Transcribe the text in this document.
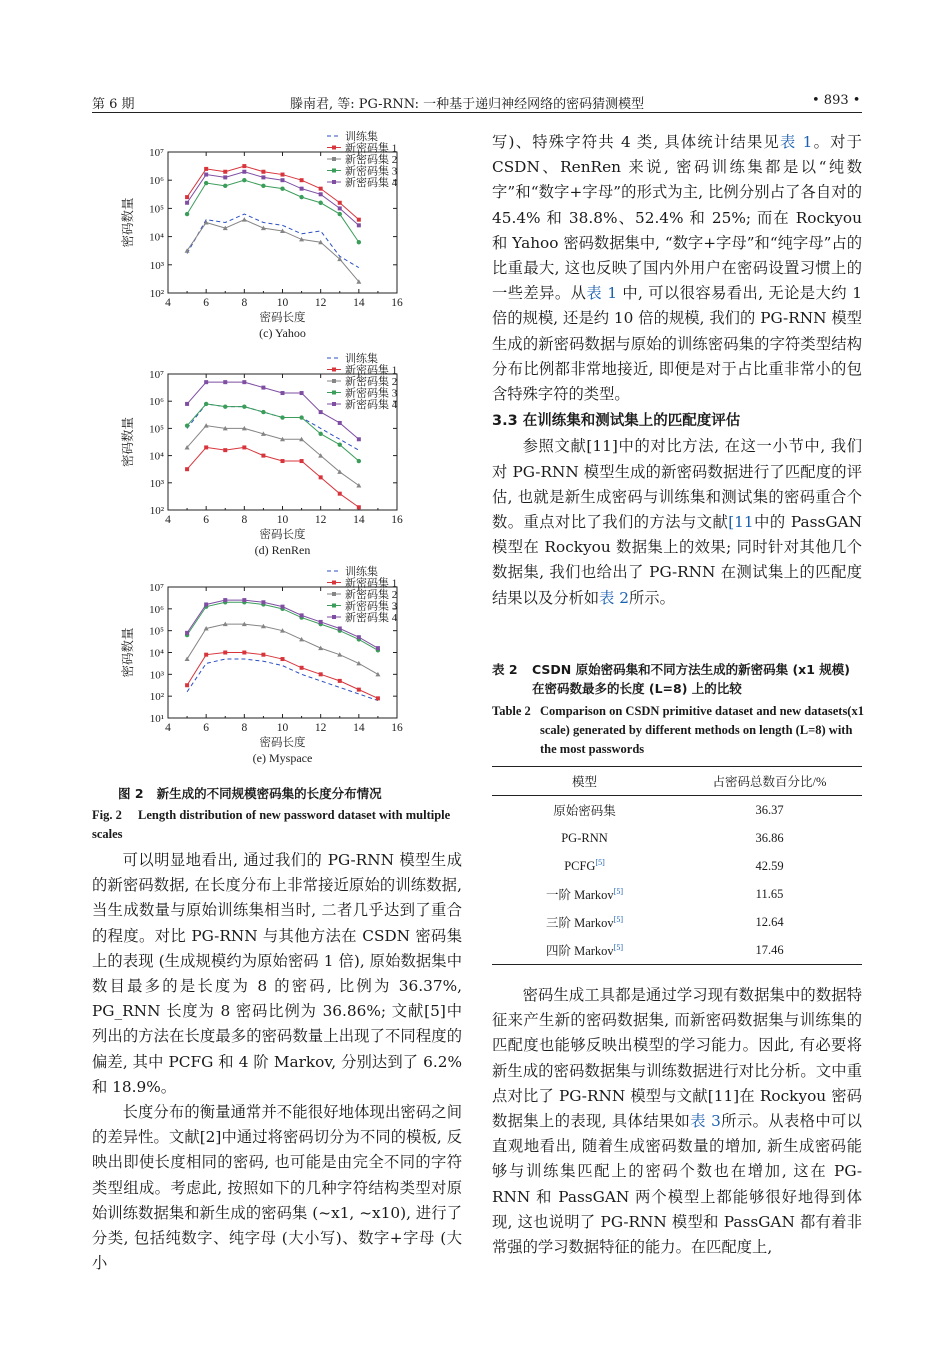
第 6 期	滕南君, 等: PG-RNN: 一种基于递归神经网络的密码猜测模型	• 893 •
4	6	8	10 12 14 16
10²
10³
10⁴
10⁵
10⁶
10⁷
密码数量
密码长度
(c) Yahoo
训练集
新密码集 1
新密码集 2
新密码集 3
新密码集 4
4	6	8	10 12 14 16
10²
10³
10⁴
10⁵
10⁶
10⁷
密码数量
密码长度
(d) RenRen
训练集
新密码集 1
新密码集 2
新密码集 3
新密码集 4
4	6	8	10 12 14 16
10¹
10²
10³
10⁴
10⁵
10⁶
10⁷
密码数量
密码长度
(e) Myspace
训练集
新密码集 1
新密码集 2
新密码集 3
新密码集 4
图 2 新生成的不同规模密码集的长度分布情况
Fig. 2 Length distribution of new password dataset with multiple scales

可以明显地看出, 通过我们的 PG-RNN 模型生成的新密码数据, 在长度分布上非常接近原始的训练数据, 当生成数量与原始训练集相当时, 二者几乎达到了重合的程度。对比 PG-RNN 与其他方法在 CSDN 密码集上的表现 (生成规模约为原始密码 1 倍), 原始数据集中数目最多的是长度为 8 的密码, 比例为 36.37%, PG_RNN 长度为 8 密码比例为 36.86%; 文献[5]中列出的方法在长度最多的密码数量上出现了不同程度的偏差, 其中 PCFG 和 4 阶 Markov, 分别达到了 6.2% 和 18.9%。

长度分布的衡量通常并不能很好地体现出密码之间的差异性。文献[2]中通过将密码切分为不同的模板, 反映出即使长度相同的密码, 也可能是由完全不同的字符类型组成。考虑此, 按照如下的几种字符结构类型对原始训练数据集和新生成的密码集 (~x1, ~x10), 进行了分类, 包括纯数字、纯字母 (大小写)、数字+字母 (大小

写)、特殊字符共 4 类, 具体统计结果见表 1。对于 CSDN、RenRen 来说, 密码训练集都是以“纯数字”和“数字+字母”的形式为主, 比例分别占了各自对的 45.4% 和 38.8%、52.4% 和 25%; 而在 Rockyou 和 Yahoo 密码数据集中, “数字+字母”和“纯字母”占的比重最大, 这也反映了国内外用户在密码设置习惯上的一些差异。从表 1 中, 可以很容易看出, 无论是大约 1 倍的规模, 还是约 10 倍的规模, 我们的 PG-RNN 模型生成的新密码数据与原始的训练密码集的字符类型结构分布比例都非常地接近, 即便是对于占比重非常小的包含特殊字符的类型。

3.3 在训练集和测试集上的匹配度评估

参照文献[11]中的对比方法, 在这一小节中, 我们对 PG-RNN 模型生成的新密码数据进行了匹配度的评估, 也就是新生成密码与训练集和测试集的密码重合个数。重点对比了我们的方法与文献[11中的 PassGAN 模型在 Rockyou 数据集上的效果; 同时针对其他几个数据集, 我们也给出了 PG-RNN 在测试集上的匹配度结果以及分析如表 2所示。

表 2	CSDN 原始密码集和不同方法生成的新密码集 (x1 规模) 在密码数最多的长度 (L=8) 上的比较
Table 2 Comparison on CSDN primitive dataset and new datasets(x1 scale) generated by different methods on length (L=8) with the most passwords
模型	占密码总数百分比/%
原始密码集	36.37
PG-RNN	36.86
PCFG[5]	42.59
一阶 Markov[5]	11.65
三阶 Markov[5]	12.64
四阶 Markov[5]	17.46

密码生成工具都是通过学习现有数据集中的数据特征来产生新的密码数据集, 而新密码数据集与训练集的匹配度也能够反映出模型的学习能力。因此, 有必要将新生成的密码数据集与训练数据进行对比分析。文中重点对比了 PG-RNN 模型与文献[11]在 Rockyou 密码数据集上的表现, 具体结果如表 3所示。从表格中可以直观地看出, 随着生成密码数量的增加, 新生成密码能够与训练集匹配上的密码个数也在增加, 这在 PG-RNN 和 PassGAN 两个模型上都能够很好地得到体现, 这也说明了 PG-RNN 模型和 PassGAN 都有着非常强的学习数据特征的能力。在匹配度上,
